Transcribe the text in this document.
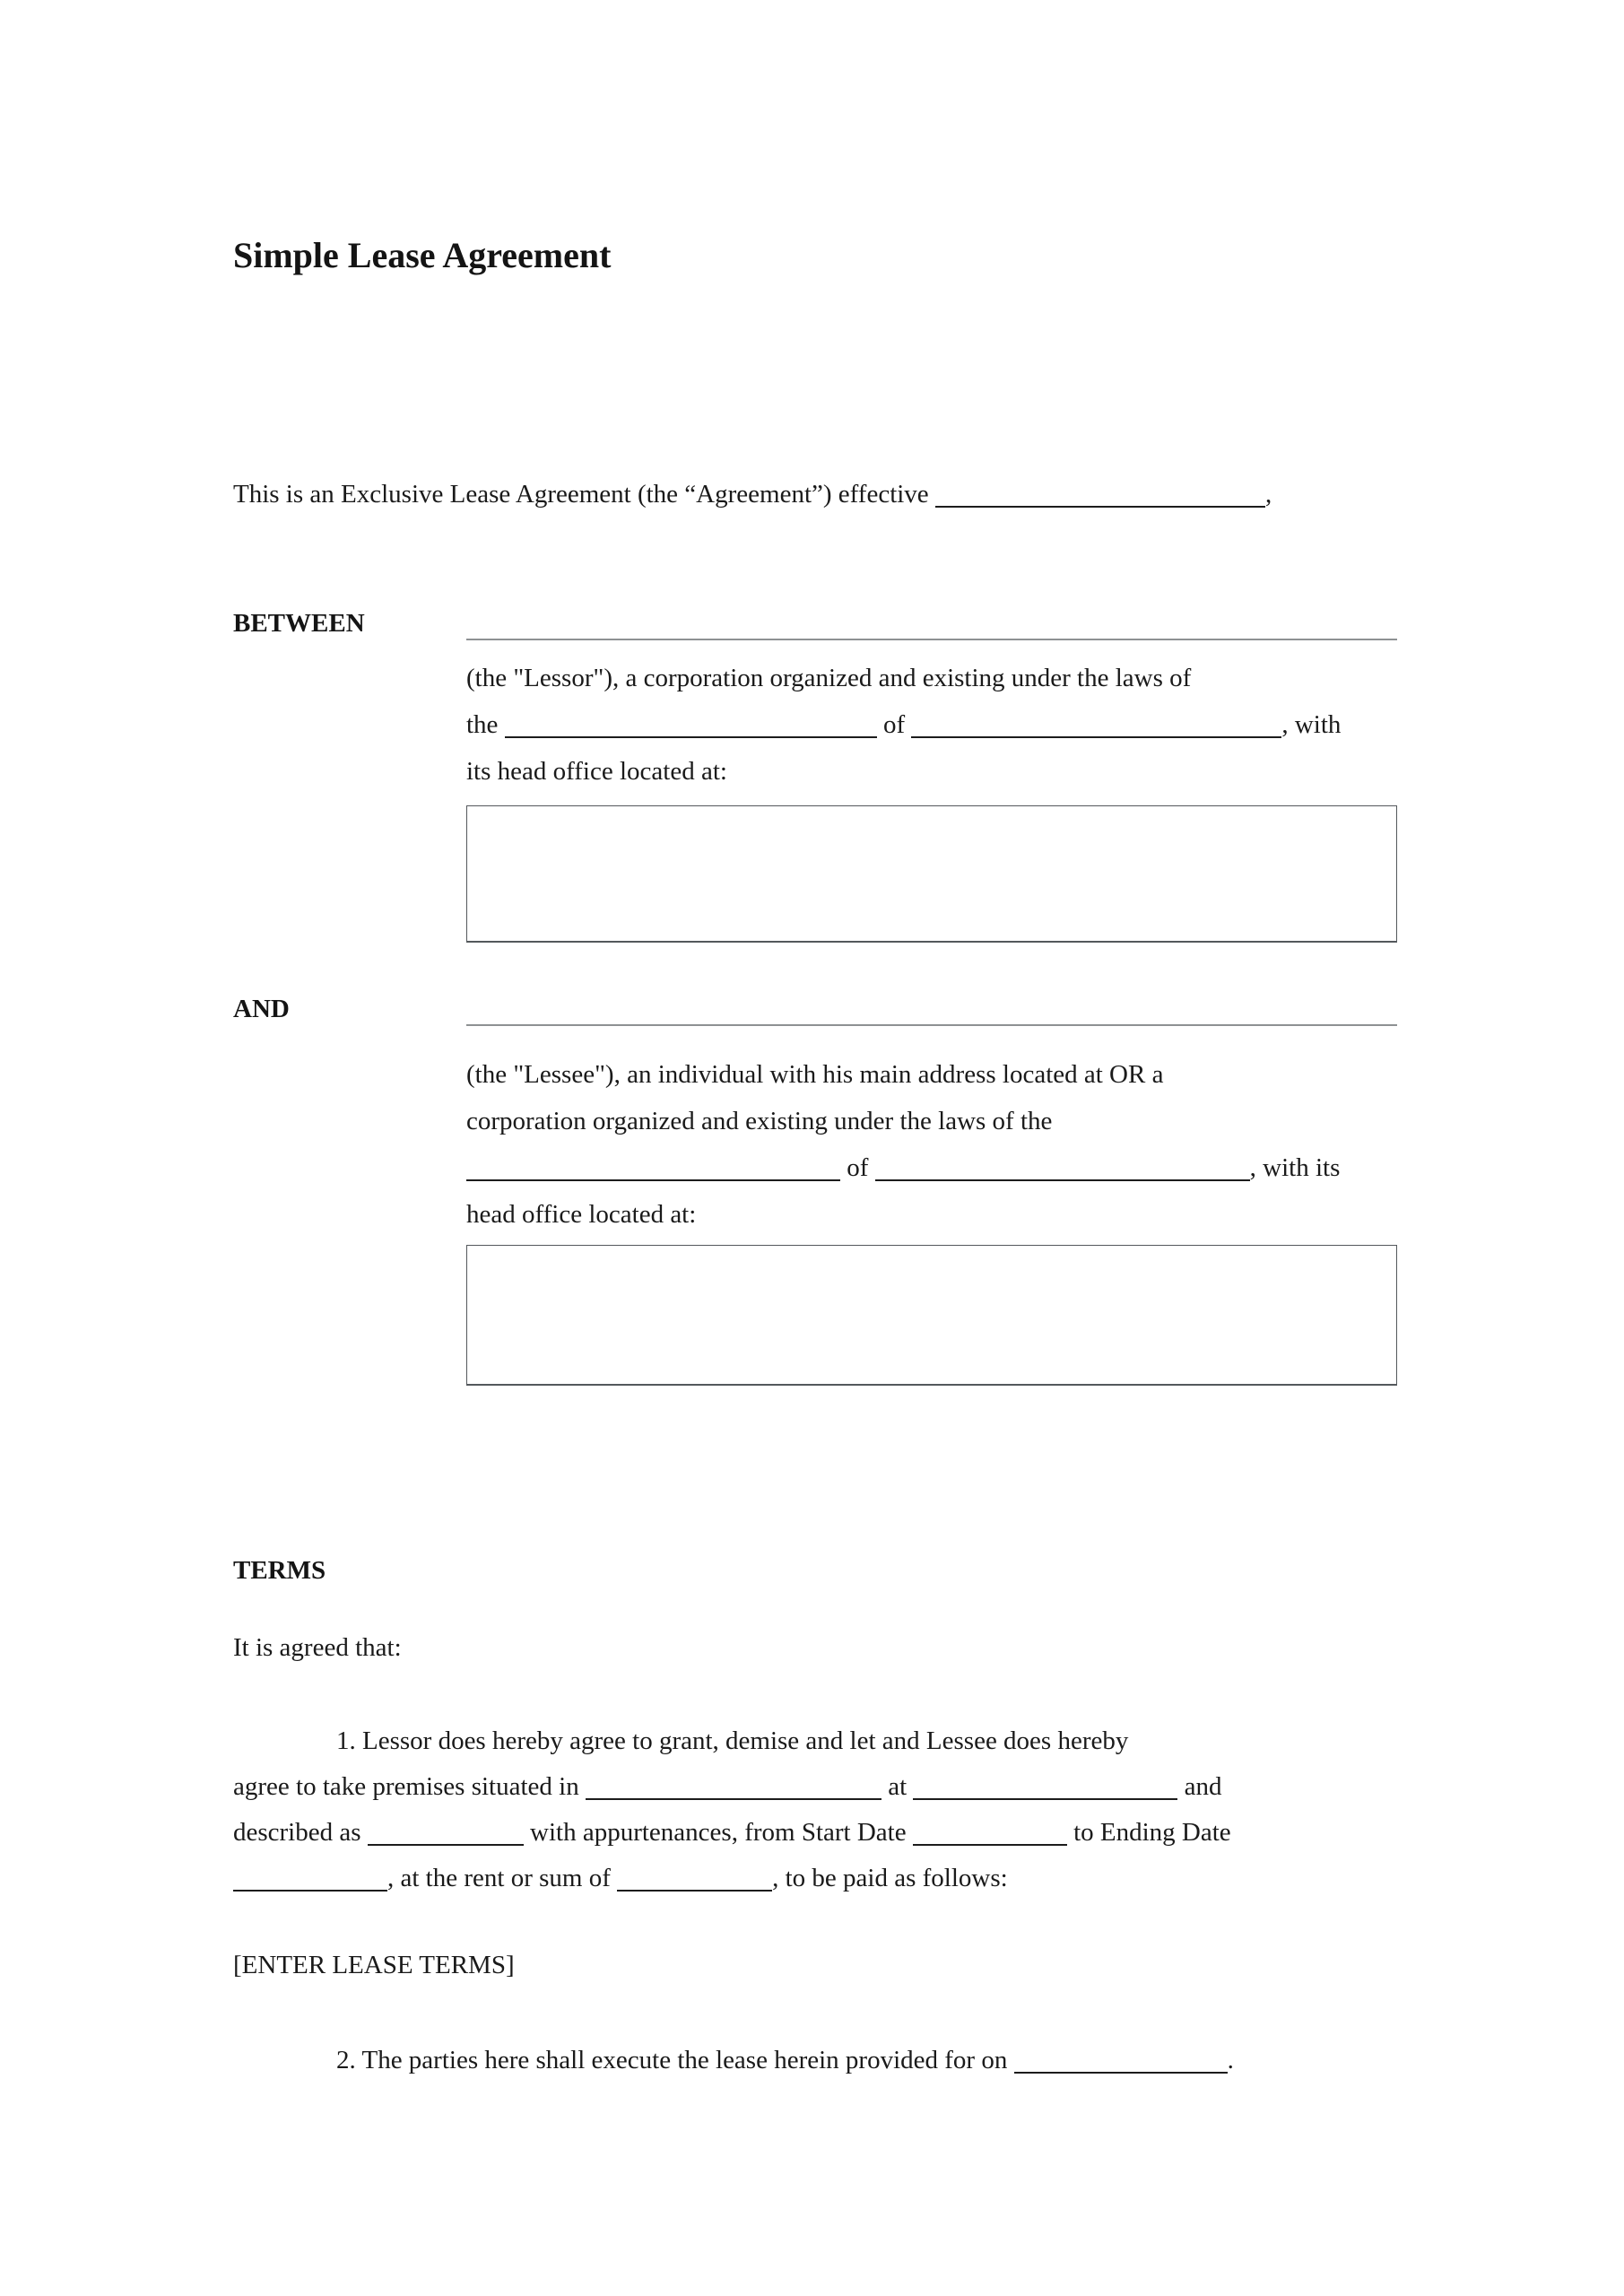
Simple Lease Agreement
This is an Exclusive Lease Agreement (the “Agreement”) effective	,
BETWEEN
(the "Lessor"), a corporation organized and existing under the laws of
the	of	, with
its head office located at:
AND
(the "Lessee"), an individual with his main address located at OR a
corporation organized and existing under the laws of the
of	, with its
head office located at:
TERMS
It is agreed that:
1. Lessor does hereby agree to grant, demise and let and Lessee does hereby
agree to take premises situated in	at	and
described as	with appurtenances, from Start Date	to Ending Date
, at the rent or sum of	, to be paid as follows:
[ENTER LEASE TERMS]
2. The parties here shall execute the lease herein provided for on	.
